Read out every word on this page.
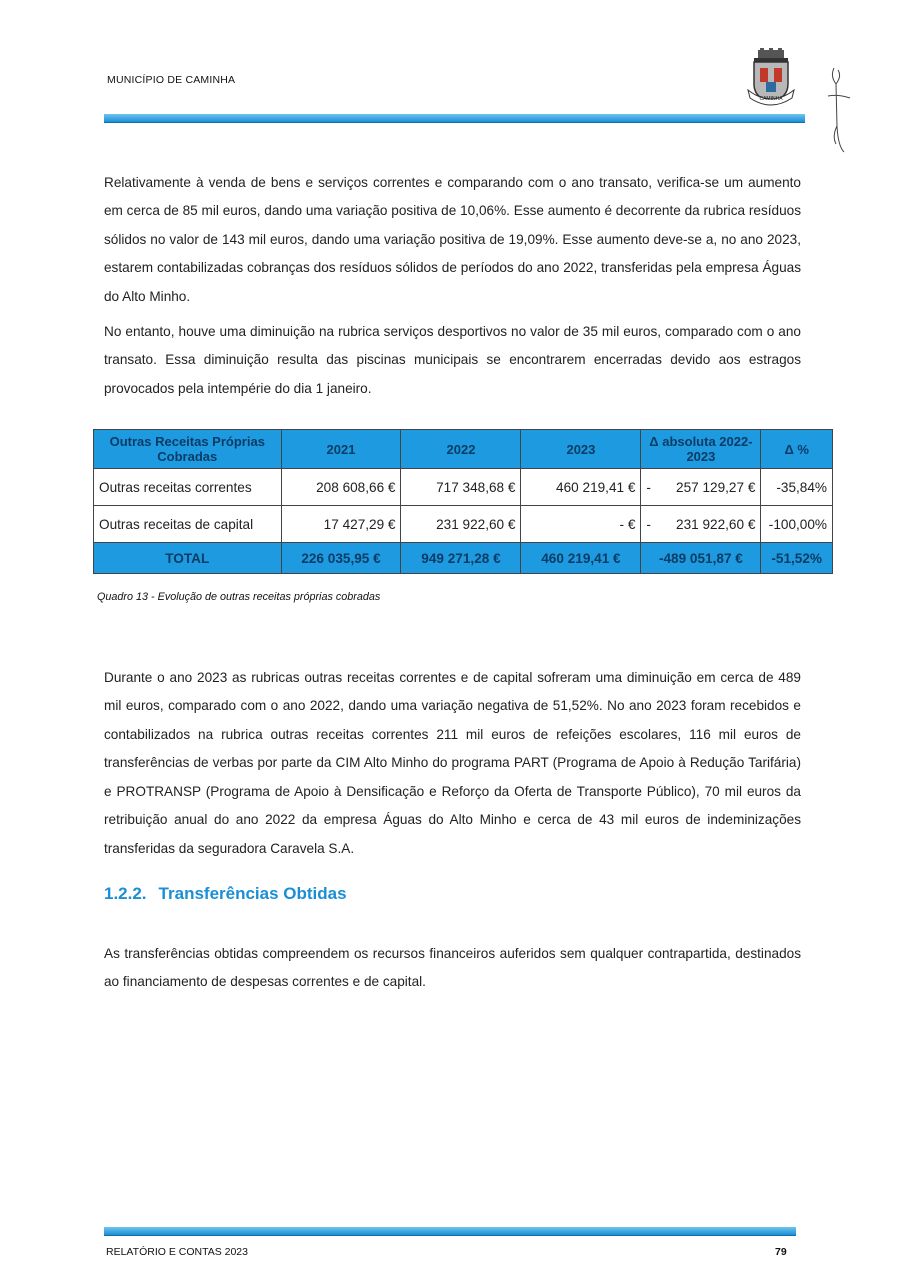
MUNICÍPIO DE CAMINHA
CAMINHA

Relativamente à venda de bens e serviços correntes e comparando com o ano transato, verifica-se um aumento em cerca de 85 mil euros, dando uma variação positiva de 10,06%. Esse aumento é decorrente da rubrica resíduos sólidos no valor de 143 mil euros, dando uma variação positiva de 19,09%. Esse aumento deve-se a, no ano 2023, estarem contabilizadas cobranças dos resíduos sólidos de períodos do ano 2022, transferidas pela empresa Águas do Alto Minho.

No entanto, houve uma diminuição na rubrica serviços desportivos no valor de 35 mil euros, comparado com o ano transato. Essa diminuição resulta das piscinas municipais se encontrarem encerradas devido aos estragos provocados pela intempérie do dia 1 janeiro.

Outras Receitas Próprias Cobradas	2021	2022	2023	Δ absoluta 2022-2023	Δ %
Outras receitas correntes	208 608,66 €	717 348,68 €	460 219,41 €	- 257 129,27 €	-35,84%
Outras receitas de capital	17 427,29 €	231 922,60 €	- €	- 231 922,60 €	-100,00%
TOTAL	226 035,95 €	949 271,28 €	460 219,41 €	-489 051,87 €	-51,52%
Quadro 13 - Evolução de outras receitas próprias cobradas

Durante o ano 2023 as rubricas outras receitas correntes e de capital sofreram uma diminuição em cerca de 489 mil euros, comparado com o ano 2022, dando uma variação negativa de 51,52%. No ano 2023 foram recebidos e contabilizados na rubrica outras receitas correntes 211 mil euros de refeições escolares, 116 mil euros de transferências de verbas por parte da CIM Alto Minho do programa PART (Programa de Apoio à Redução Tarifária) e PROTRANSP (Programa de Apoio à Densificação e Reforço da Oferta de Transporte Público), 70 mil euros da retribuição anual do ano 2022 da empresa Águas do Alto Minho e cerca de 43 mil euros de indeminizações transferidas da seguradora Caravela S.A.

1.2.2. Transferências Obtidas

As transferências obtidas compreendem os recursos financeiros auferidos sem qualquer contrapartida, destinados ao financiamento de despesas correntes e de capital.

RELATÓRIO E CONTAS 2023	79
